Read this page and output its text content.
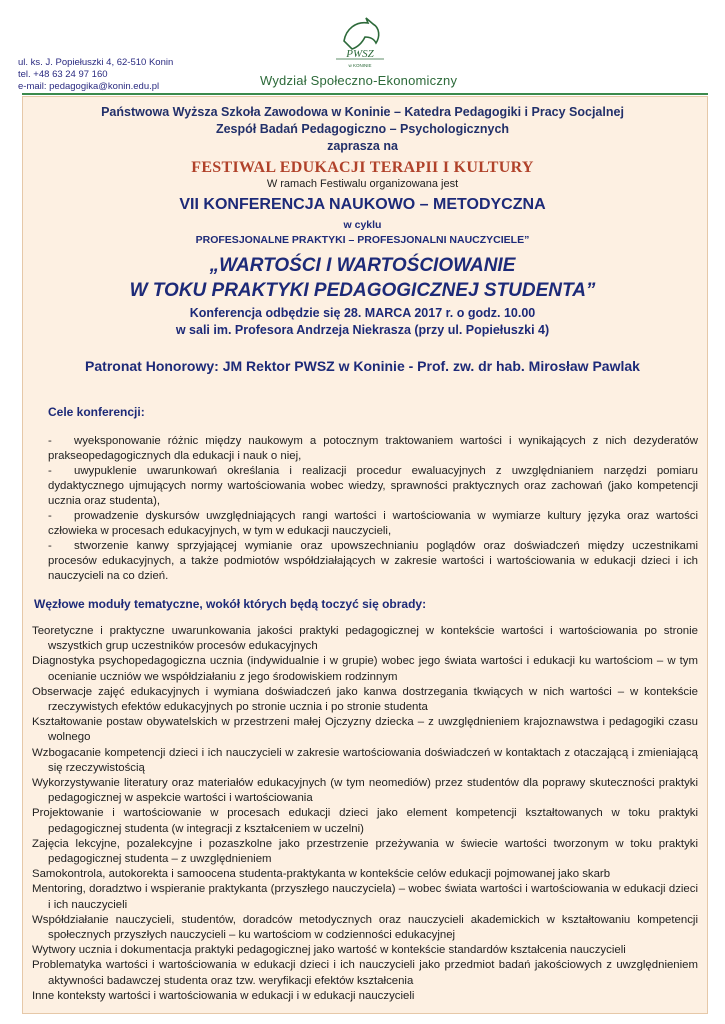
ul. ks. J. Popiełuszki 4, 62-510 Konin
tel. +48 63 24 97 160
e-mail: pedagogika@konin.edu.pl
PWSZ
w KONINIE
Wydział Społeczno-Ekonomiczny
Państwowa Wyższa Szkoła Zawodowa w Koninie – Katedra Pedagogiki i Pracy Socjalnej
Zespół Badań Pedagogiczno – Psychologicznych
zaprasza na
FESTIWAL EDUKACJI TERAPII I KULTURY
W ramach Festiwalu organizowana jest
VII KONFERENCJA NAUKOWO – METODYCZNA
w cyklu
PROFESJONALNE PRAKTYKI – PROFESJONALNI NAUCZYCIELE”
„WARTOŚCI I WARTOŚCIOWANIE
W TOKU PRAKTYKI PEDAGOGICZNEJ STUDENTA”
Konferencja odbędzie się 28. MARCA 2017 r. o godz. 10.00
w sali im. Profesora Andrzeja Niekrasza (przy ul. Popiełuszki 4)
Patronat Honorowy: JM Rektor PWSZ w Koninie - Prof. zw. dr hab. Mirosław Pawlak
Cele konferencji:

- wyeksponowanie różnic między naukowym a potocznym traktowaniem wartości i wynikających z nich dezyderatów prakseopedagogicznych dla edukacji i nauk o niej,

- uwypuklenie uwarunkowań określania i realizacji procedur ewaluacyjnych z uwzględnianiem narzędzi pomiaru dydaktycznego ujmujących normy wartościowania wobec wiedzy, sprawności praktycznych oraz zachowań (jako kompetencji ucznia oraz studenta),

- prowadzenie dyskursów uwzględniających rangi wartości i wartościowania w wymiarze kultury języka oraz wartości człowieka w procesach edukacyjnych, w tym w edukacji nauczycieli,

- stworzenie kanwy sprzyjającej wymianie oraz upowszechnianiu poglądów oraz doświadczeń między uczestnikami procesów edukacyjnych, a także podmiotów współdziałających w zakresie wartości i wartościowania w edukacji dzieci i ich nauczycieli na co dzień.

Węzłowe moduły tematyczne, wokół których będą toczyć się obrady:

Teoretyczne i praktyczne uwarunkowania jakości praktyki pedagogicznej w kontekście wartości i wartościowania po stronie wszystkich grup uczestników procesów edukacyjnych

Diagnostyka psychopedagogiczna ucznia (indywidualnie i w grupie) wobec jego świata wartości i edukacji ku wartościom – w tym ocenianie uczniów we współdziałaniu z jego środowiskiem rodzinnym

Obserwacje zajęć edukacyjnych i wymiana doświadczeń jako kanwa dostrzegania tkwiących w nich wartości – w kontekście rzeczywistych efektów edukacyjnych po stronie ucznia i po stronie studenta

Kształtowanie postaw obywatelskich w przestrzeni małej Ojczyzny dziecka – z uwzględnieniem krajoznawstwa i pedagogiki czasu wolnego

Wzbogacanie kompetencji dzieci i ich nauczycieli w zakresie wartościowania doświadczeń w kontaktach z otaczającą i zmieniającą się rzeczywistością

Wykorzystywanie literatury oraz materiałów edukacyjnych (w tym neomediów) przez studentów dla poprawy skuteczności praktyki pedagogicznej w aspekcie wartości i wartościowania

Projektowanie i wartościowanie w procesach edukacji dzieci jako element kompetencji kształtowanych w toku praktyki pedagogicznej studenta (w integracji z kształceniem w uczelni)

Zajęcia lekcyjne, pozalekcyjne i pozaszkolne jako przestrzenie przeżywania w świecie wartości tworzonym w toku praktyki pedagogicznej studenta – z uwzględnieniem

Samokontrola, autokorekta i samoocena studenta-praktykanta w kontekście celów edukacji pojmowanej jako skarb

Mentoring, doradztwo i wspieranie praktykanta (przyszłego nauczyciela) – wobec świata wartości i wartościowania w edukacji dzieci i ich nauczycieli

Współdziałanie nauczycieli, studentów, doradców metodycznych oraz nauczycieli akademickich w kształtowaniu kompetencji społecznych przyszłych nauczycieli – ku wartościom w codzienności edukacyjnej

Wytwory ucznia i dokumentacja praktyki pedagogicznej jako wartość w kontekście standardów kształcenia nauczycieli

Problematyka wartości i wartościowania w edukacji dzieci i ich nauczycieli jako przedmiot badań jakościowych z uwzględnieniem aktywności badawczej studenta oraz tzw. weryfikacji efektów kształcenia

Inne konteksty wartości i wartościowania w edukacji i w edukacji nauczycieli
